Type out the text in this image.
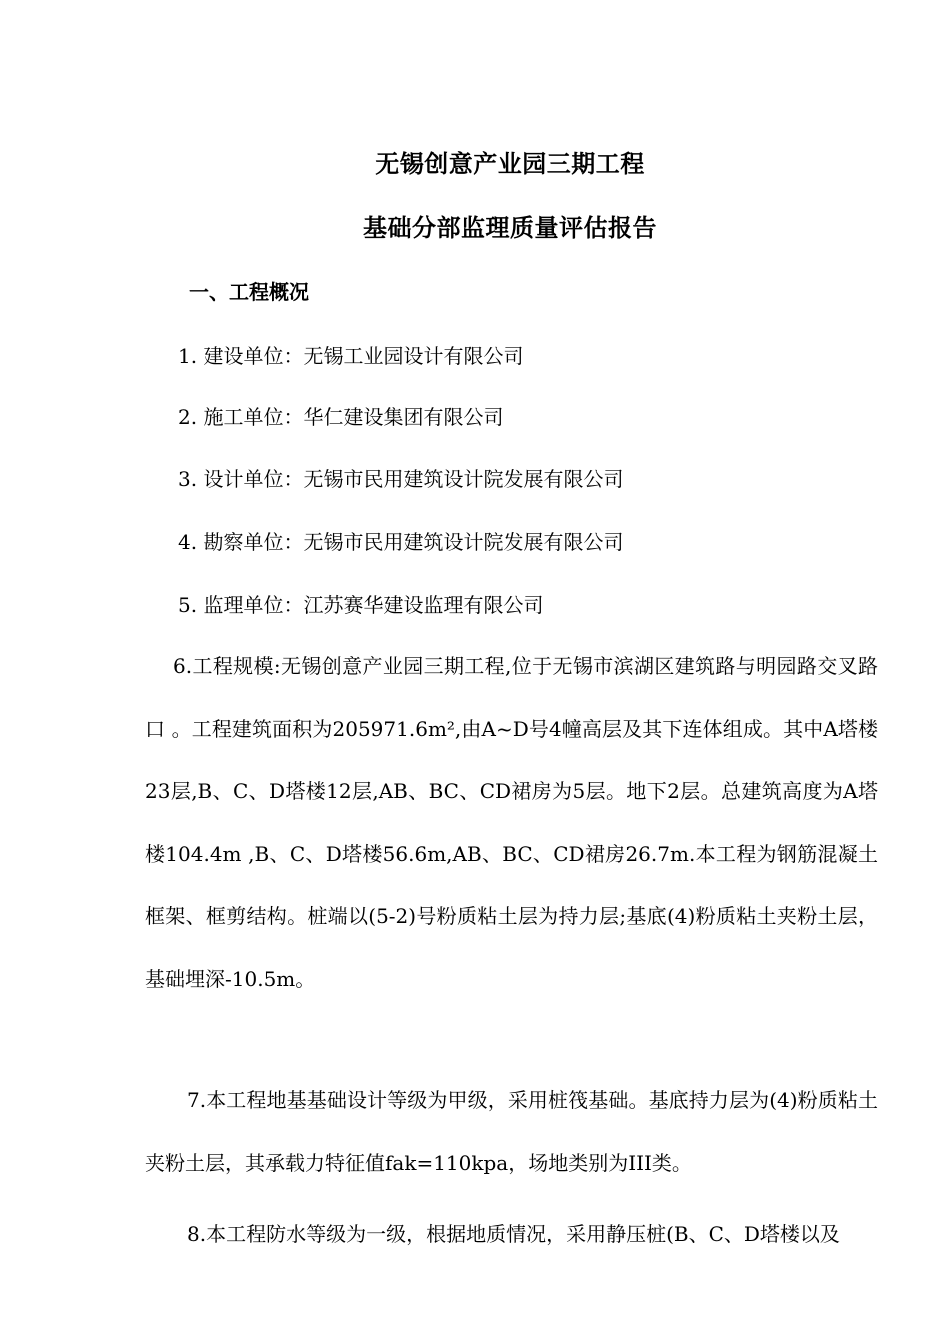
无锡创意产业园三期工程
基础分部监理质量评估报告
一、工程概况
1. 建设单位：无锡工业园设计有限公司
2. 施工单位：华仁建设集团有限公司
3. 设计单位：无锡市民用建筑设计院发展有限公司
4. 勘察单位：无锡市民用建筑设计院发展有限公司
5. 监理单位：江苏赛华建设监理有限公司
6.工程规模:无锡创意产业园三期工程,位于无锡市滨湖区建筑路与明园路交叉路口 。工程建筑面积为205971.6m²,由A~D号4幢高层及其下连体组成。其中A塔楼23层,B、C、D塔楼12层,AB、BC、CD裙房为5层。地下2层。总建筑高度为A塔楼104.4m ,B、C、D塔楼56.6m,AB、BC、CD裙房26.7m.本工程为钢筋混凝土框架、框剪结构。桩端以(5-2)号粉质粘土层为持力层;基底(4)粉质粘土夹粉土层，基础埋深-10.5m。
7.本工程地基基础设计等级为甲级，采用桩筏基础。基底持力层为(4)粉质粘土夹粉土层，其承载力特征值fak=110kpa，场地类别为III类。
8.本工程防水等级为一级，根据地质情况，采用静压桩(B、C、D塔楼以及
